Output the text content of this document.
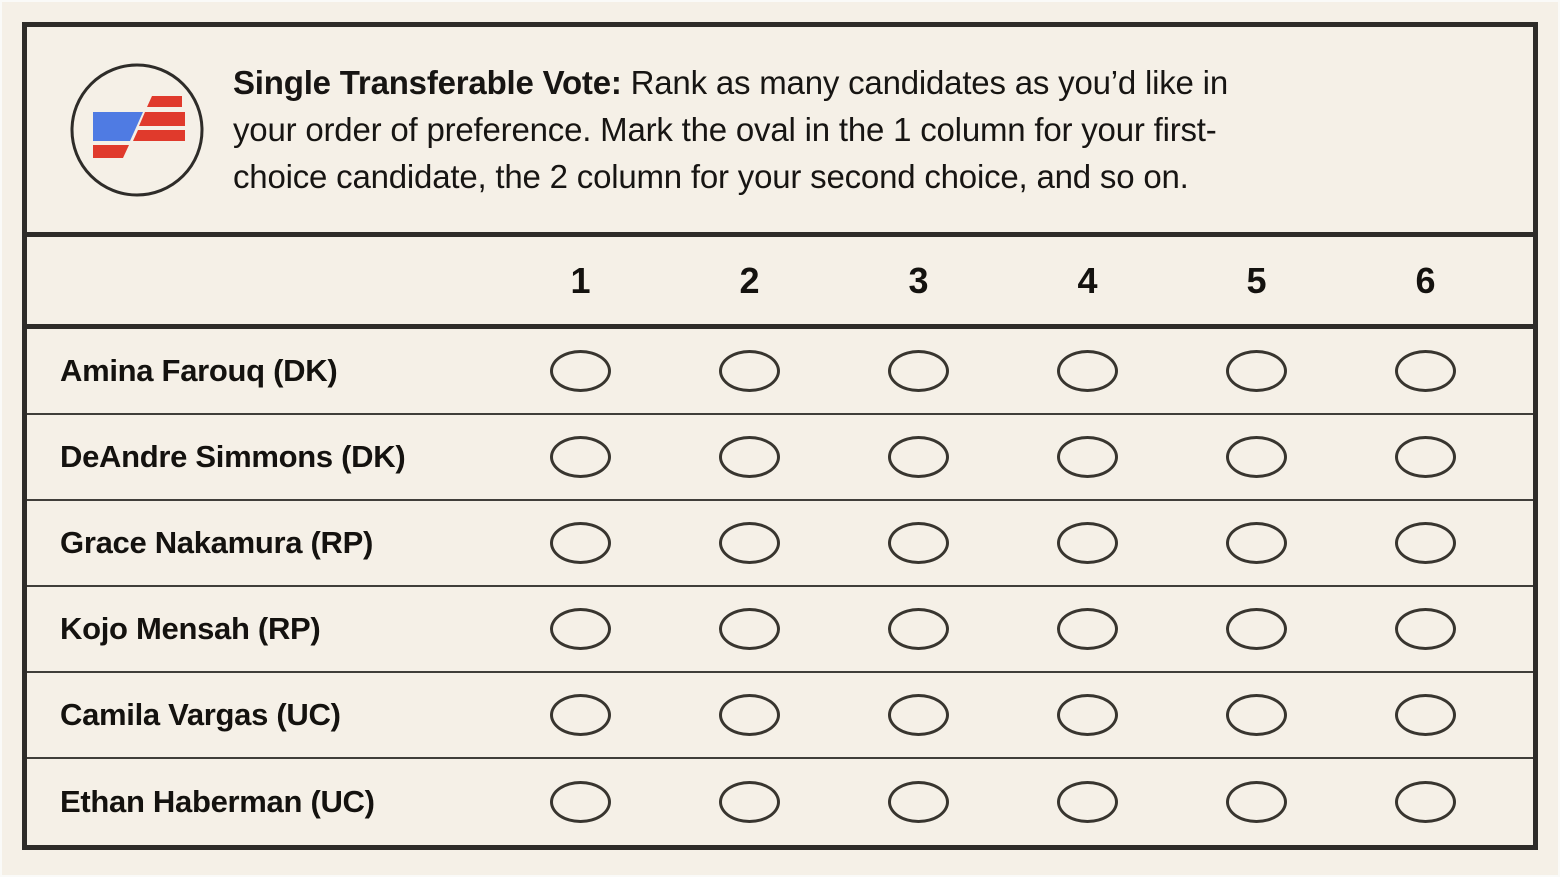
Single Transferable Vote: Rank as many candidates as you’d like in
your order of preference. Mark the oval in the 1 column for your first-
choice candidate, the 2 column for your second choice, and so on.
1	2	3	4	5	6
Amina Farouq (DK)
DeAndre Simmons (DK)
Grace Nakamura (RP)
Kojo Mensah (RP)
Camila Vargas (UC)
Ethan Haberman (UC)
